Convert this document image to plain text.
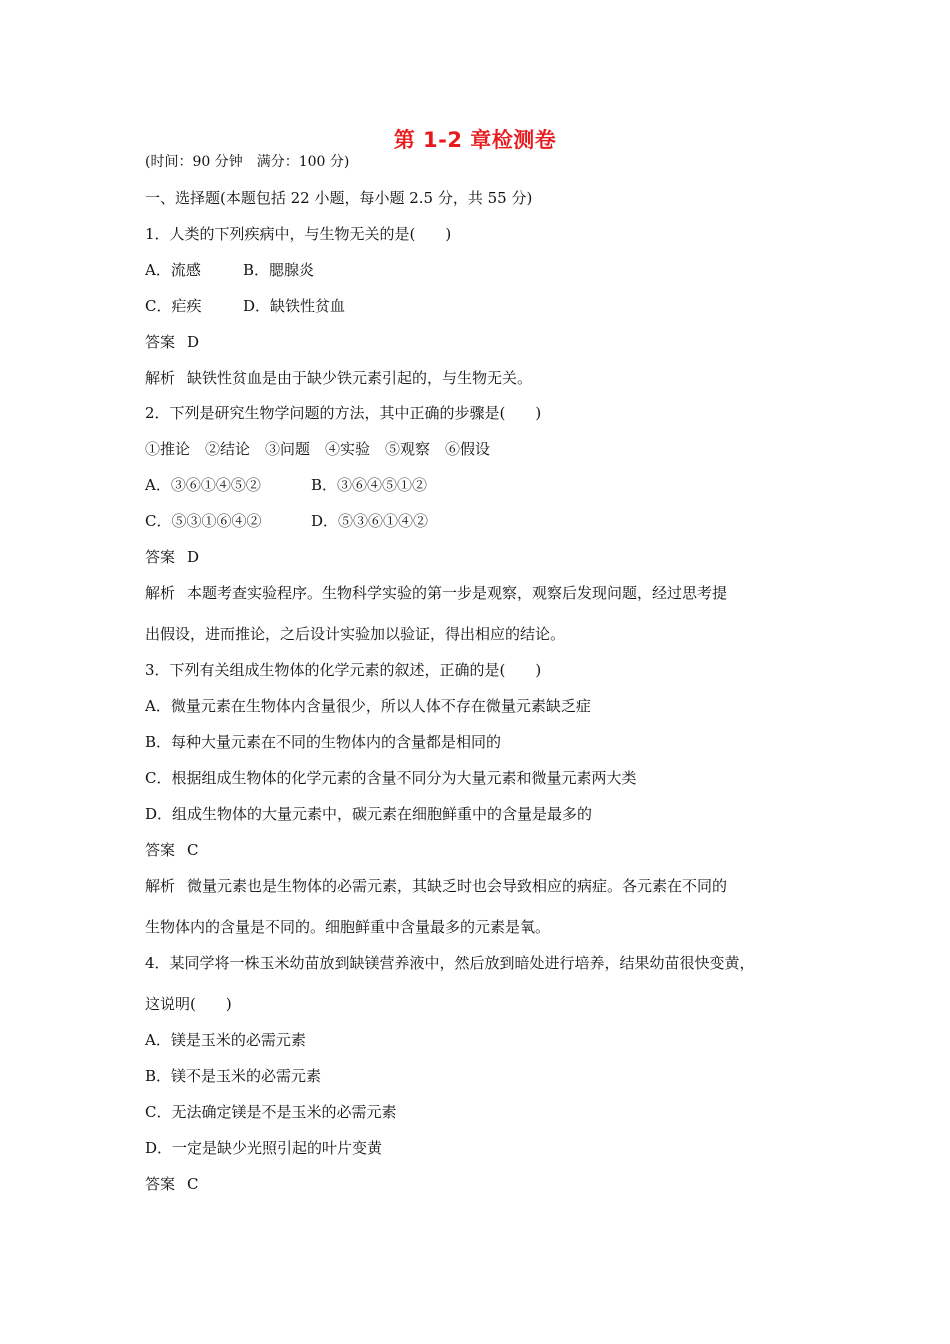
第 1-2 章检测卷
(时间：90 分钟　满分：100 分)
一、选择题(本题包括 22 小题，每小题 2.5 分，共 55 分)
1．人类的下列疾病中，与生物无关的是(　　)
A．流感	B．腮腺炎
C．疟疾	D．缺铁性贫血
答案 D
解析 缺铁性贫血是由于缺少铁元素引起的，与生物无关。
2．下列是研究生物学问题的方法，其中正确的步骤是(　　)
①推论　②结论　③问题　④实验　⑤观察　⑥假设
A．③⑥①④⑤②	B．③⑥④⑤①②
C．⑤③①⑥④②	D．⑤③⑥①④②
答案 D
解析 本题考查实验程序。生物科学实验的第一步是观察，观察后发现问题，经过思考提
出假设，进而推论，之后设计实验加以验证，得出相应的结论。
3．下列有关组成生物体的化学元素的叙述，正确的是(　　)
A．微量元素在生物体内含量很少，所以人体不存在微量元素缺乏症
B．每种大量元素在不同的生物体内的含量都是相同的
C．根据组成生物体的化学元素的含量不同分为大量元素和微量元素两大类
D．组成生物体的大量元素中，碳元素在细胞鲜重中的含量是最多的
答案 C
解析 微量元素也是生物体的必需元素，其缺乏时也会导致相应的病症。各元素在不同的
生物体内的含量是不同的。细胞鲜重中含量最多的元素是氧。
4．某同学将一株玉米幼苗放到缺镁营养液中，然后放到暗处进行培养，结果幼苗很快变黄，
这说明(　　)
A．镁是玉米的必需元素
B．镁不是玉米的必需元素
C．无法确定镁是不是玉米的必需元素
D．一定是缺少光照引起的叶片变黄
答案 C
